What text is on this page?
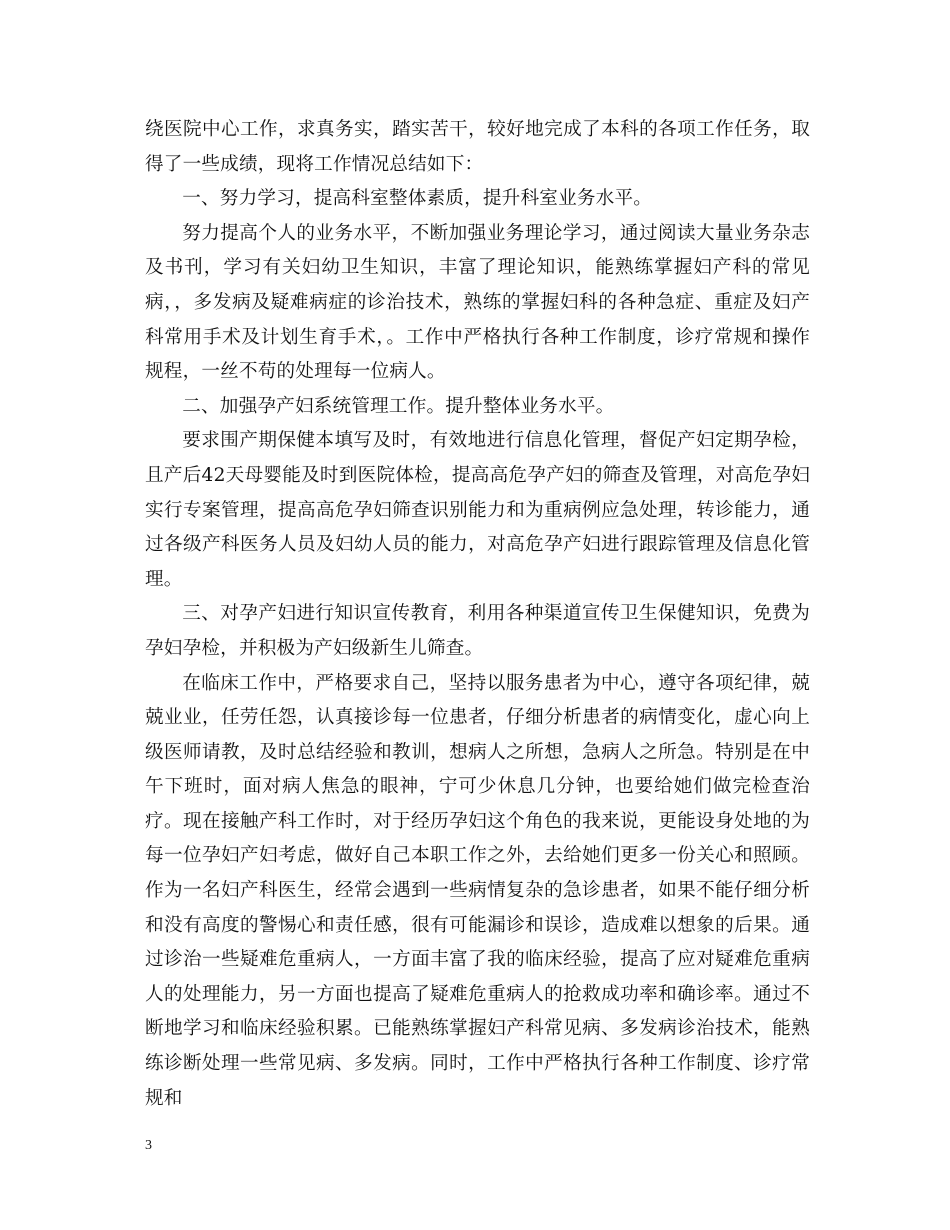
绕医院中心工作，求真务实，踏实苦干，较好地完成了本科的各项工作任务，取得了一些成绩，现将工作情况总结如下：

一、努力学习，提高科室整体素质，提升科室业务水平。

努力提高个人的业务水平，不断加强业务理论学习，通过阅读大量业务杂志及书刊，学习有关妇幼卫生知识，丰富了理论知识，能熟练掌握妇产科的常见病，，多发病及疑难病症的诊治技术，熟练的掌握妇科的各种急症、重症及妇产科常用手术及计划生育手术，。工作中严格执行各种工作制度，诊疗常规和操作规程，一丝不苟的处理每一位病人。

二、加强孕产妇系统管理工作。提升整体业务水平。

要求围产期保健本填写及时，有效地进行信息化管理，督促产妇定期孕检，且产后42天母婴能及时到医院体检，提高高危孕产妇的筛查及管理，对高危孕妇实行专案管理，提高高危孕妇筛查识别能力和为重病例应急处理，转诊能力，通过各级产科医务人员及妇幼人员的能力，对高危孕产妇进行跟踪管理及信息化管理。

三、对孕产妇进行知识宣传教育，利用各种渠道宣传卫生保健知识，免费为孕妇孕检，并积极为产妇级新生儿筛查。

在临床工作中，严格要求自己，坚持以服务患者为中心，遵守各项纪律，兢兢业业，任劳任怨，认真接诊每一位患者，仔细分析患者的病情变化，虚心向上级医师请教，及时总结经验和教训，想病人之所想，急病人之所急。特别是在中午下班时，面对病人焦急的眼神，宁可少休息几分钟，也要给她们做完检查治疗。现在接触产科工作时，对于经历孕妇这个角色的我来说，更能设身处地的为每一位孕妇产妇考虑，做好自己本职工作之外，去给她们更多一份关心和照顾。作为一名妇产科医生，经常会遇到一些病情复杂的急诊患者，如果不能仔细分析和没有高度的警惕心和责任感，很有可能漏诊和误诊，造成难以想象的后果。通过诊治一些疑难危重病人，一方面丰富了我的临床经验，提高了应对疑难危重病人的处理能力，另一方面也提高了疑难危重病人的抢救成功率和确诊率。通过不断地学习和临床经验积累。已能熟练掌握妇产科常见病、多发病诊治技术，能熟练诊断处理一些常见病、多发病。同时，工作中严格执行各种工作制度、诊疗常规和

3
